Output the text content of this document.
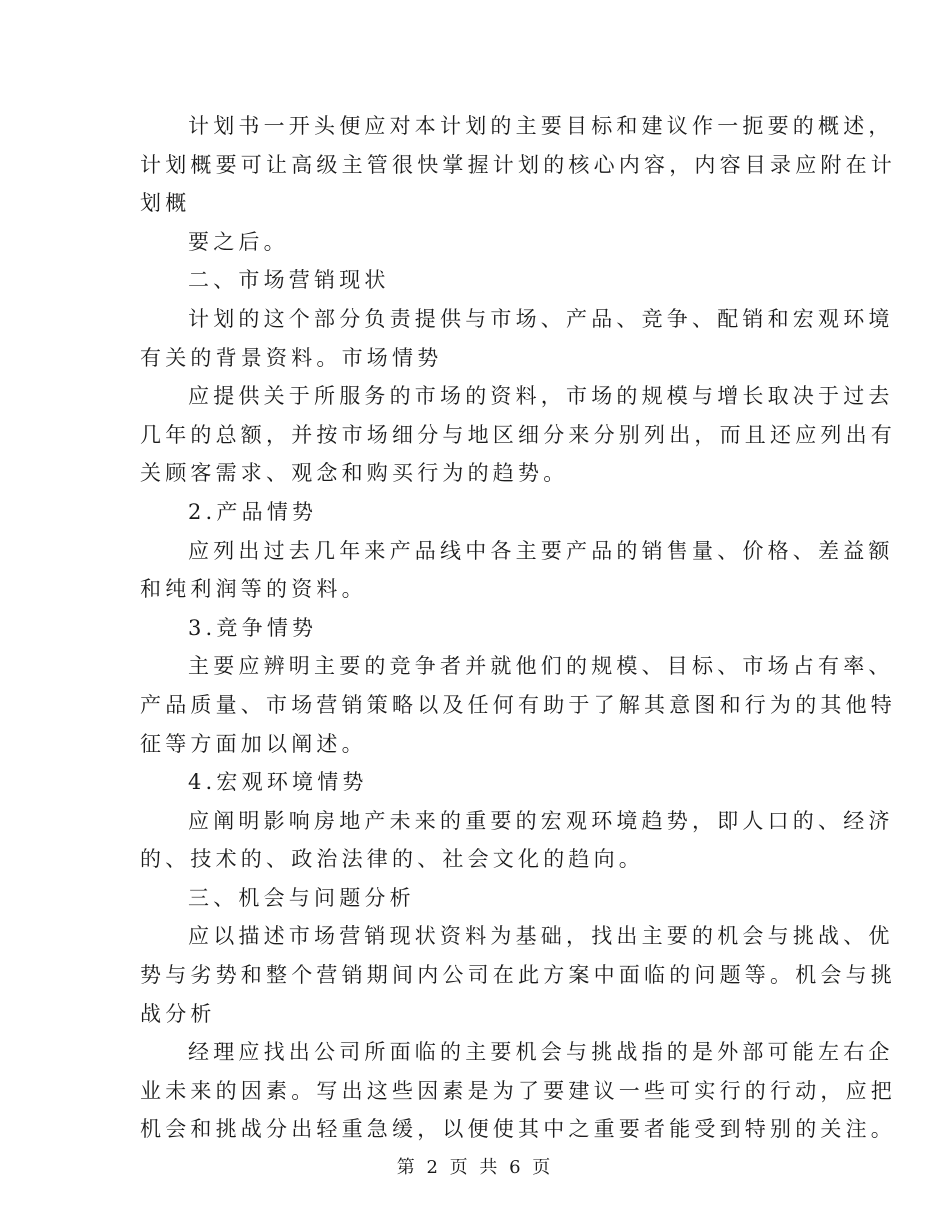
计划书一开头便应对本计划的主要目标和建议作一扼要的概述，
计划概要可让高级主管很快掌握计划的核心内容，内容目录应附在计
划概
要之后。
二、市场营销现状
计划的这个部分负责提供与市场、产品、竞争、配销和宏观环境
有关的背景资料。市场情势
应提供关于所服务的市场的资料，市场的规模与增长取决于过去
几年的总额，并按市场细分与地区细分来分别列出，而且还应列出有
关顾客需求、观念和购买行为的趋势。
2.产品情势
应列出过去几年来产品线中各主要产品的销售量、价格、差益额
和纯利润等的资料。
3.竞争情势
主要应辨明主要的竞争者并就他们的规模、目标、市场占有率、
产品质量、市场营销策略以及任何有助于了解其意图和行为的其他特
征等方面加以阐述。
4.宏观环境情势
应阐明影响房地产未来的重要的宏观环境趋势，即人口的、经济
的、技术的、政治法律的、社会文化的趋向。
三、机会与问题分析
应以描述市场营销现状资料为基础，找出主要的机会与挑战、优
势与劣势和整个营销期间内公司在此方案中面临的问题等。机会与挑
战分析
经理应找出公司所面临的主要机会与挑战指的是外部可能左右企
业未来的因素。写出这些因素是为了要建议一些可实行的行动，应把
机会和挑战分出轻重急缓，以便使其中之重要者能受到特别的关注。
第 2 页 共 6 页
